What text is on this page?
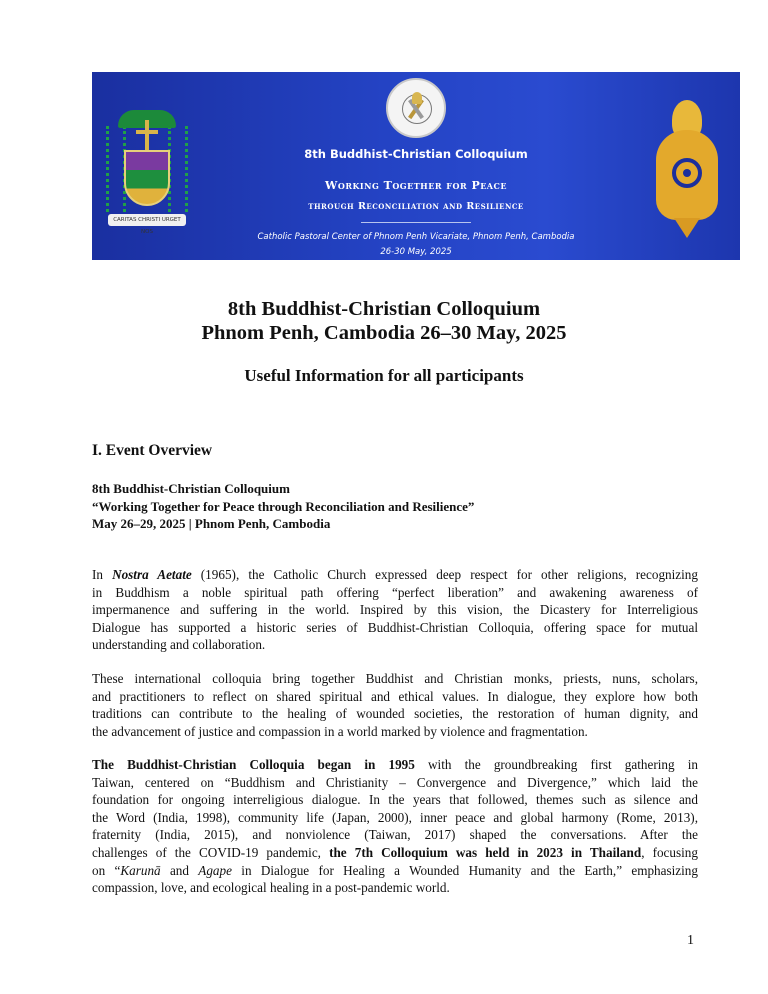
CARITAS CHRISTI URGET NOS
8th Buddhist-Christian Colloquium
Working Together for Peace
through Reconciliation and Resilience
Catholic Pastoral Center of Phnom Penh Vicariate, Phnom Penh, Cambodia
26-30 May, 2025
8th Buddhist-Christian Colloquium
Phnom Penh, Cambodia 26–30 May, 2025
Useful Information for all participants
I. Event Overview
8th Buddhist-Christian Colloquium
“Working Together for Peace through Reconciliation and Resilience”
May 26–29, 2025 | Phnom Penh, Cambodia
In Nostra Aetate (1965), the Catholic Church expressed deep respect for other religions, recognizing
in Buddhism a noble spiritual path offering “perfect liberation” and awakening awareness of
impermanence and suffering in the world. Inspired by this vision, the Dicastery for Interreligious
Dialogue has supported a historic series of Buddhist-Christian Colloquia, offering space for mutual
understanding and collaboration.
These international colloquia bring together Buddhist and Christian monks, priests, nuns, scholars,
and practitioners to reflect on shared spiritual and ethical values. In dialogue, they explore how both
traditions can contribute to the healing of wounded societies, the restoration of human dignity, and
the advancement of justice and compassion in a world marked by violence and fragmentation.
The Buddhist-Christian Colloquia began in 1995 with the groundbreaking first gathering in
Taiwan, centered on “Buddhism and Christianity – Convergence and Divergence,” which laid the
foundation for ongoing interreligious dialogue. In the years that followed, themes such as silence and
the Word (India, 1998), community life (Japan, 2000), inner peace and global harmony (Rome, 2013),
fraternity (India, 2015), and nonviolence (Taiwan, 2017) shaped the conversations. After the
challenges of the COVID-19 pandemic, the 7th Colloquium was held in 2023 in Thailand, focusing
on “Karunā and Agape in Dialogue for Healing a Wounded Humanity and the Earth,” emphasizing
compassion, love, and ecological healing in a post-pandemic world.
1
